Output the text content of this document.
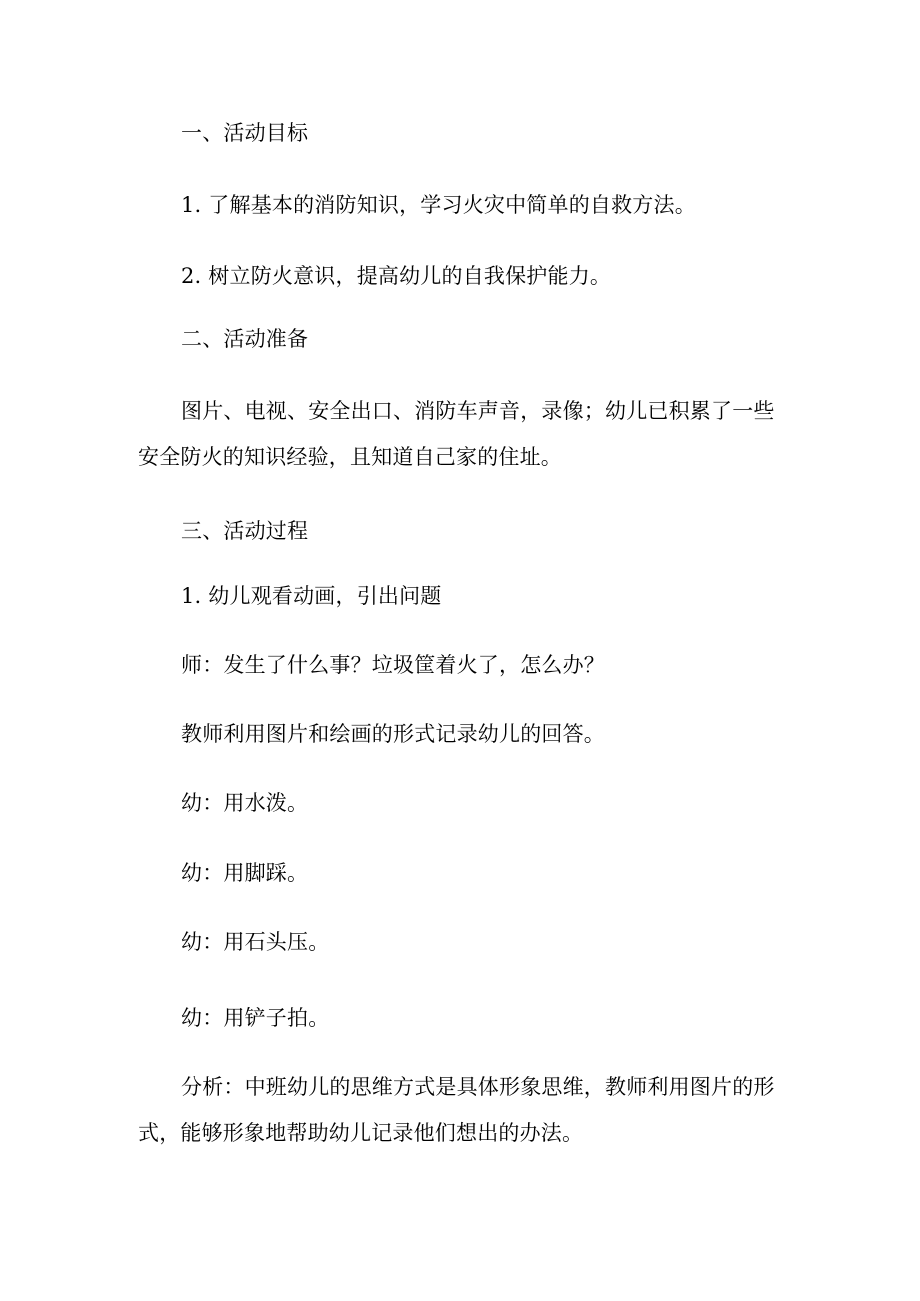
一、活动目标

1. 了解基本的消防知识，学习火灾中简单的自救方法。

2. 树立防火意识，提高幼儿的自我保护能力。

二、活动准备

图片、电视、安全出口、消防车声音，录像；幼儿已积累了一些安全防火的知识经验，且知道自己家的住址。

三、活动过程

1. 幼儿观看动画，引出问题

师：发生了什么事？垃圾筐着火了，怎么办？

教师利用图片和绘画的形式记录幼儿的回答。

幼：用水泼。

幼：用脚踩。

幼：用石头压。

幼：用铲子拍。

分析：中班幼儿的思维方式是具体形象思维，教师利用图片的形式，能够形象地帮助幼儿记录他们想出的办法。
